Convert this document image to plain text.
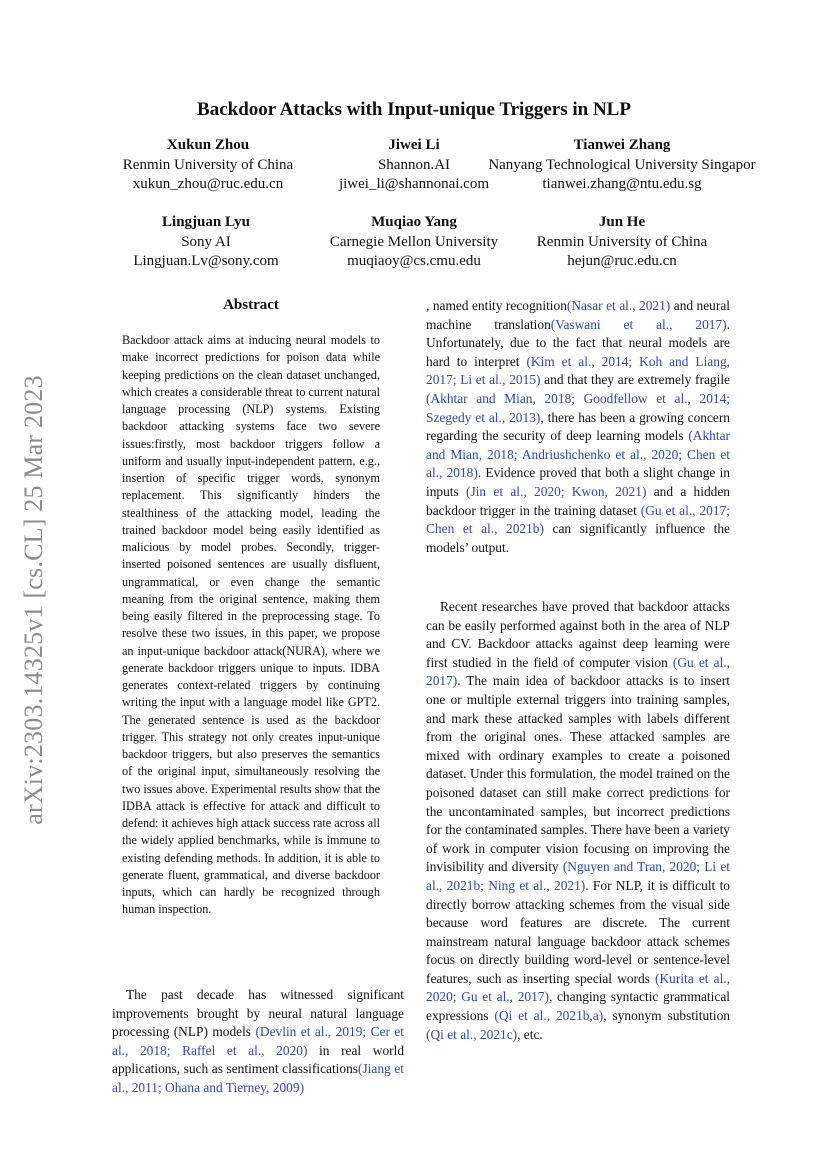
arXiv:2303.14325v1 [cs.CL] 25 Mar 2023
Backdoor Attacks with Input-unique Triggers in NLP
Xukun Zhou
Renmin University of China
xukun_zhou@ruc.edu.cn
Jiwei Li
Shannon.AI
jiwei_li@shannonai.com
Tianwei Zhang
Nanyang Technological University Singapor
tianwei.zhang@ntu.edu.sg
Lingjuan Lyu
Sony AI
Lingjuan.Lv@sony.com
Muqiao Yang
Carnegie Mellon University
muqiaoy@cs.cmu.edu
Jun He
Renmin University of China
hejun@ruc.edu.cn
Abstract

Backdoor attack aims at inducing neural models to make incorrect predictions for poison data while keeping predictions on the clean dataset unchanged, which creates a considerable threat to current natural language processing (NLP) systems. Existing backdoor attacking systems face two severe issues:firstly, most backdoor triggers follow a uniform and usually input-independent pattern, e.g., insertion of specific trigger words, synonym replacement. This significantly hinders the stealthiness of the attacking model, leading the trained backdoor model being easily identified as malicious by model probes. Secondly, trigger-inserted poisoned sentences are usually disfluent, ungrammatical, or even change the semantic meaning from the original sentence, making them being easily filtered in the preprocessing stage. To resolve these two issues, in this paper, we propose an input-unique backdoor attack(NURA), where we generate backdoor triggers unique to inputs. IDBA generates context-related triggers by continuing writing the input with a language model like GPT2. The generated sentence is used as the backdoor trigger. This strategy not only creates input-unique backdoor triggers, but also preserves the semantics of the original input, simultaneously resolving the two issues above. Experimental results show that the IDBA attack is effective for attack and difficult to defend: it achieves high attack success rate across all the widely applied benchmarks, while is immune to existing defending methods. In addition, it is able to generate fluent, grammatical, and diverse backdoor inputs, which can hardly be recognized through human inspection.

The past decade has witnessed significant improvements brought by neural natural language processing (NLP) models (Devlin et al., 2019; Cer et al., 2018; Raffel et al., 2020) in real world applications, such as sentiment classifications(Jiang et al., 2011; Ohana and Tierney, 2009)

, named entity recognition(Nasar et al., 2021) and neural machine translation(Vaswani et al., 2017). Unfortunately, due to the fact that neural models are hard to interpret (Kim et al., 2014; Koh and Liang, 2017; Li et al., 2015) and that they are extremely fragile (Akhtar and Mian, 2018; Goodfellow et al., 2014; Szegedy et al., 2013), there has been a growing concern regarding the security of deep learning models (Akhtar and Mian, 2018; Andriushchenko et al., 2020; Chen et al., 2018). Evidence proved that both a slight change in inputs (Jin et al., 2020; Kwon, 2021) and a hidden backdoor trigger in the training dataset (Gu et al., 2017; Chen et al., 2021b) can significantly influence the models’ output.

Recent researches have proved that backdoor attacks can be easily performed against both in the area of NLP and CV. Backdoor attacks against deep learning were first studied in the field of computer vision (Gu et al., 2017). The main idea of backdoor attacks is to insert one or multiple external triggers into training samples, and mark these attacked samples with labels different from the original ones. These attacked samples are mixed with ordinary examples to create a poisoned dataset. Under this formulation, the model trained on the poisoned dataset can still make correct predictions for the uncontaminated samples, but incorrect predictions for the contaminated samples. There have been a variety of work in computer vision focusing on improving the invisibility and diversity (Nguyen and Tran, 2020; Li et al., 2021b; Ning et al., 2021). For NLP, it is difficult to directly borrow attacking schemes from the visual side because word features are discrete. The current mainstream natural language backdoor attack schemes focus on directly building word-level or sentence-level features, such as inserting special words (Kurita et al., 2020; Gu et al., 2017), changing syntactic grammatical expressions (Qi et al., 2021b,a), synonym substitution (Qi et al., 2021c), etc.
